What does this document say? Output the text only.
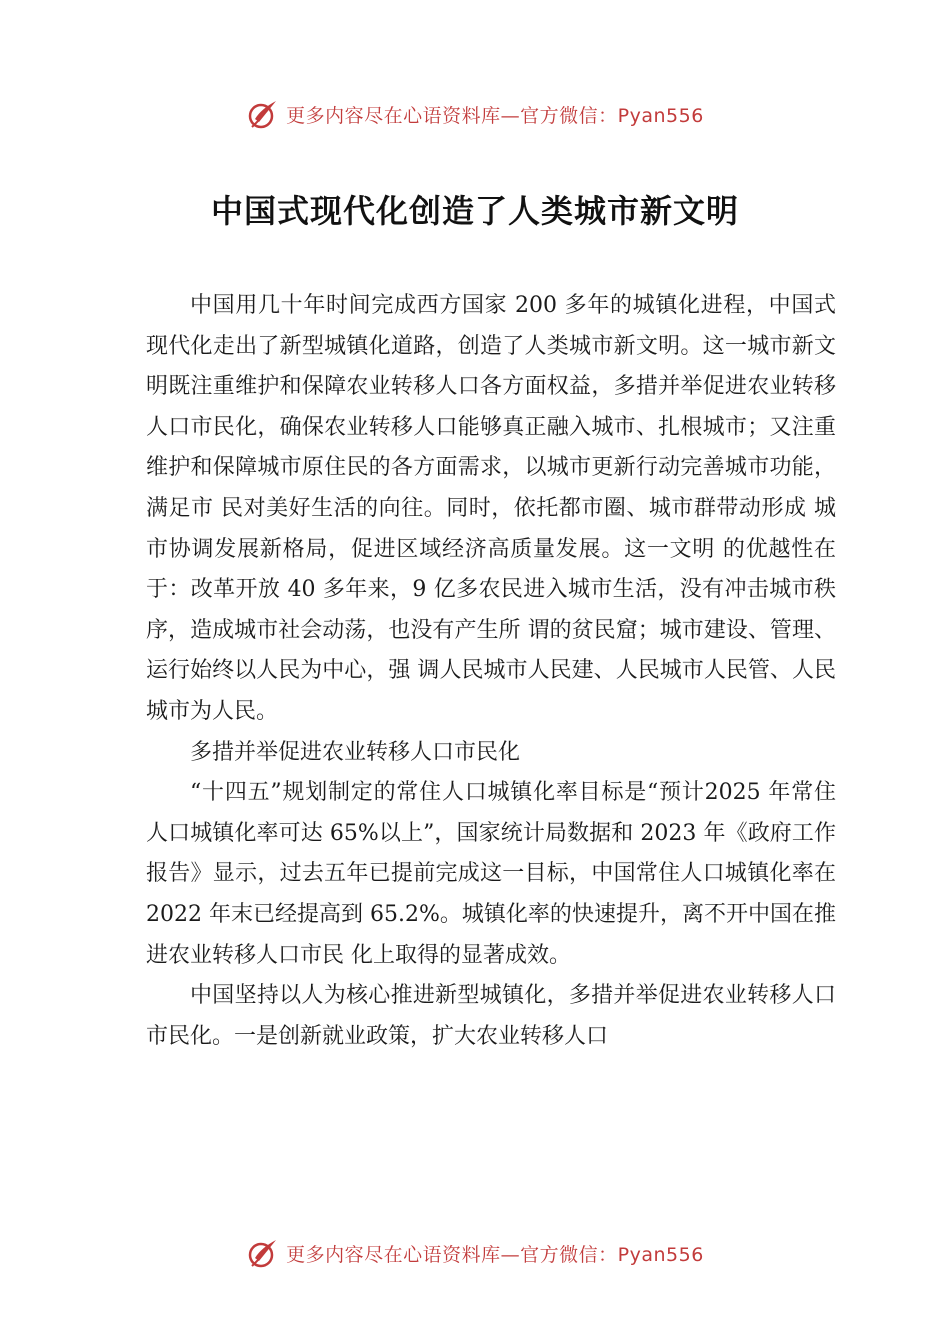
更多内容尽在心语资料库—官方微信：Pyan556
中国式现代化创造了人类城市新文明

中国用几十年时间完成西方国家 200 多年的城镇化进程，中国式现代化走出了新型城镇化道路，创造了人类城市新文明。这一城市新文明既注重维护和保障农业转移人口各方面权益，多措并举促进农业转移人口市民化，确保农业转移人口能够真正融入城市、扎根城市；又注重维护和保障城市原住民的各方面需求，以城市更新行动完善城市功能，满足市 民对美好生活的向往。同时，依托都市圈、城市群带动形成 城市协调发展新格局，促进区域经济高质量发展。这一文明 的优越性在于：改革开放 40 多年来，9 亿多农民进入城市生活，没有冲击城市秩序，造成城市社会动荡，也没有产生所 谓的贫民窟；城市建设、管理、运行始终以人民为中心，强 调人民城市人民建、人民城市人民管、人民城市为人民。

多措并举促进农业转移人口市民化

“十四五”规划制定的常住人口城镇化率目标是“预计2025 年常住人口城镇化率可达 65%以上”，国家统计局数据和 2023 年《政府工作报告》显示，过去五年已提前完成这一目标，中国常住人口城镇化率在 2022 年末已经提高到 65.2%。城镇化率的快速提升，离不开中国在推进农业转移人口市民 化上取得的显著成效。

中国坚持以人为核心推进新型城镇化，多措并举促进农业转移人口市民化。一是创新就业政策，扩大农业转移人口

更多内容尽在心语资料库—官方微信：Pyan556
